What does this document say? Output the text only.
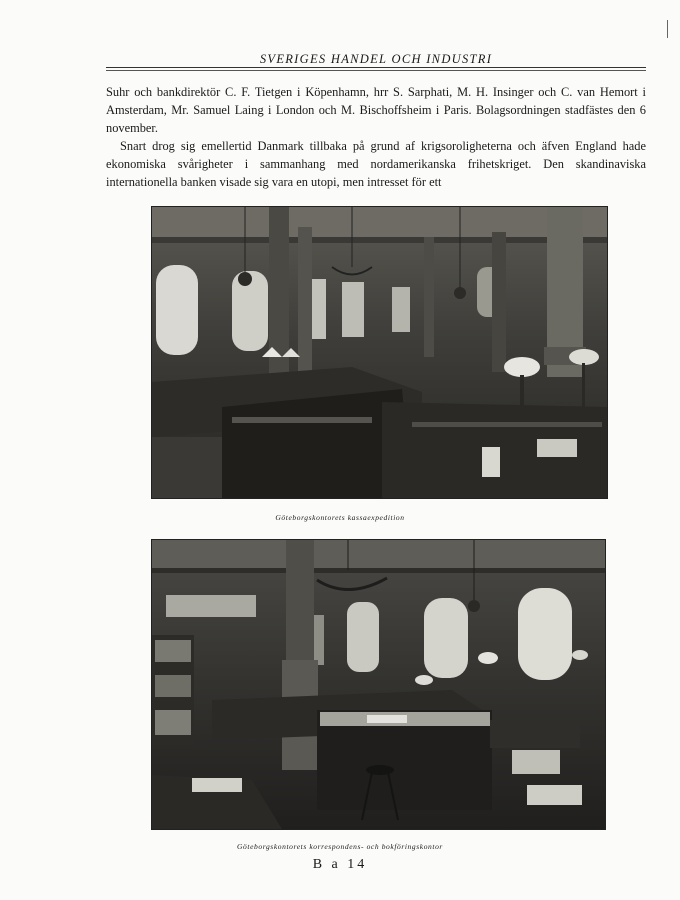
SVERIGES HANDEL OCH INDUSTRI

Suhr och bankdirektör C. F. Tietgen i Köpenhamn, hrr S. Sarphati, M. H. Insinger och C. van Hemort i Amsterdam, Mr. Samuel Laing i London och M. Bischoffsheim i Paris. Bolagsordningen stadfästes den 6 november.

Snart drog sig emellertid Danmark tillbaka på grund af krigsoroligheterna och äfven England hade ekonomiska svårigheter i sammanhang med nordamerikanska frihetskriget. Den skandinaviska internationella banken visade sig vara en utopi, men intresset för ett

Göteborgskontorets kassaexpedition
Göteborgskontorets korrespondens- och bokföringskontor
B a 14
